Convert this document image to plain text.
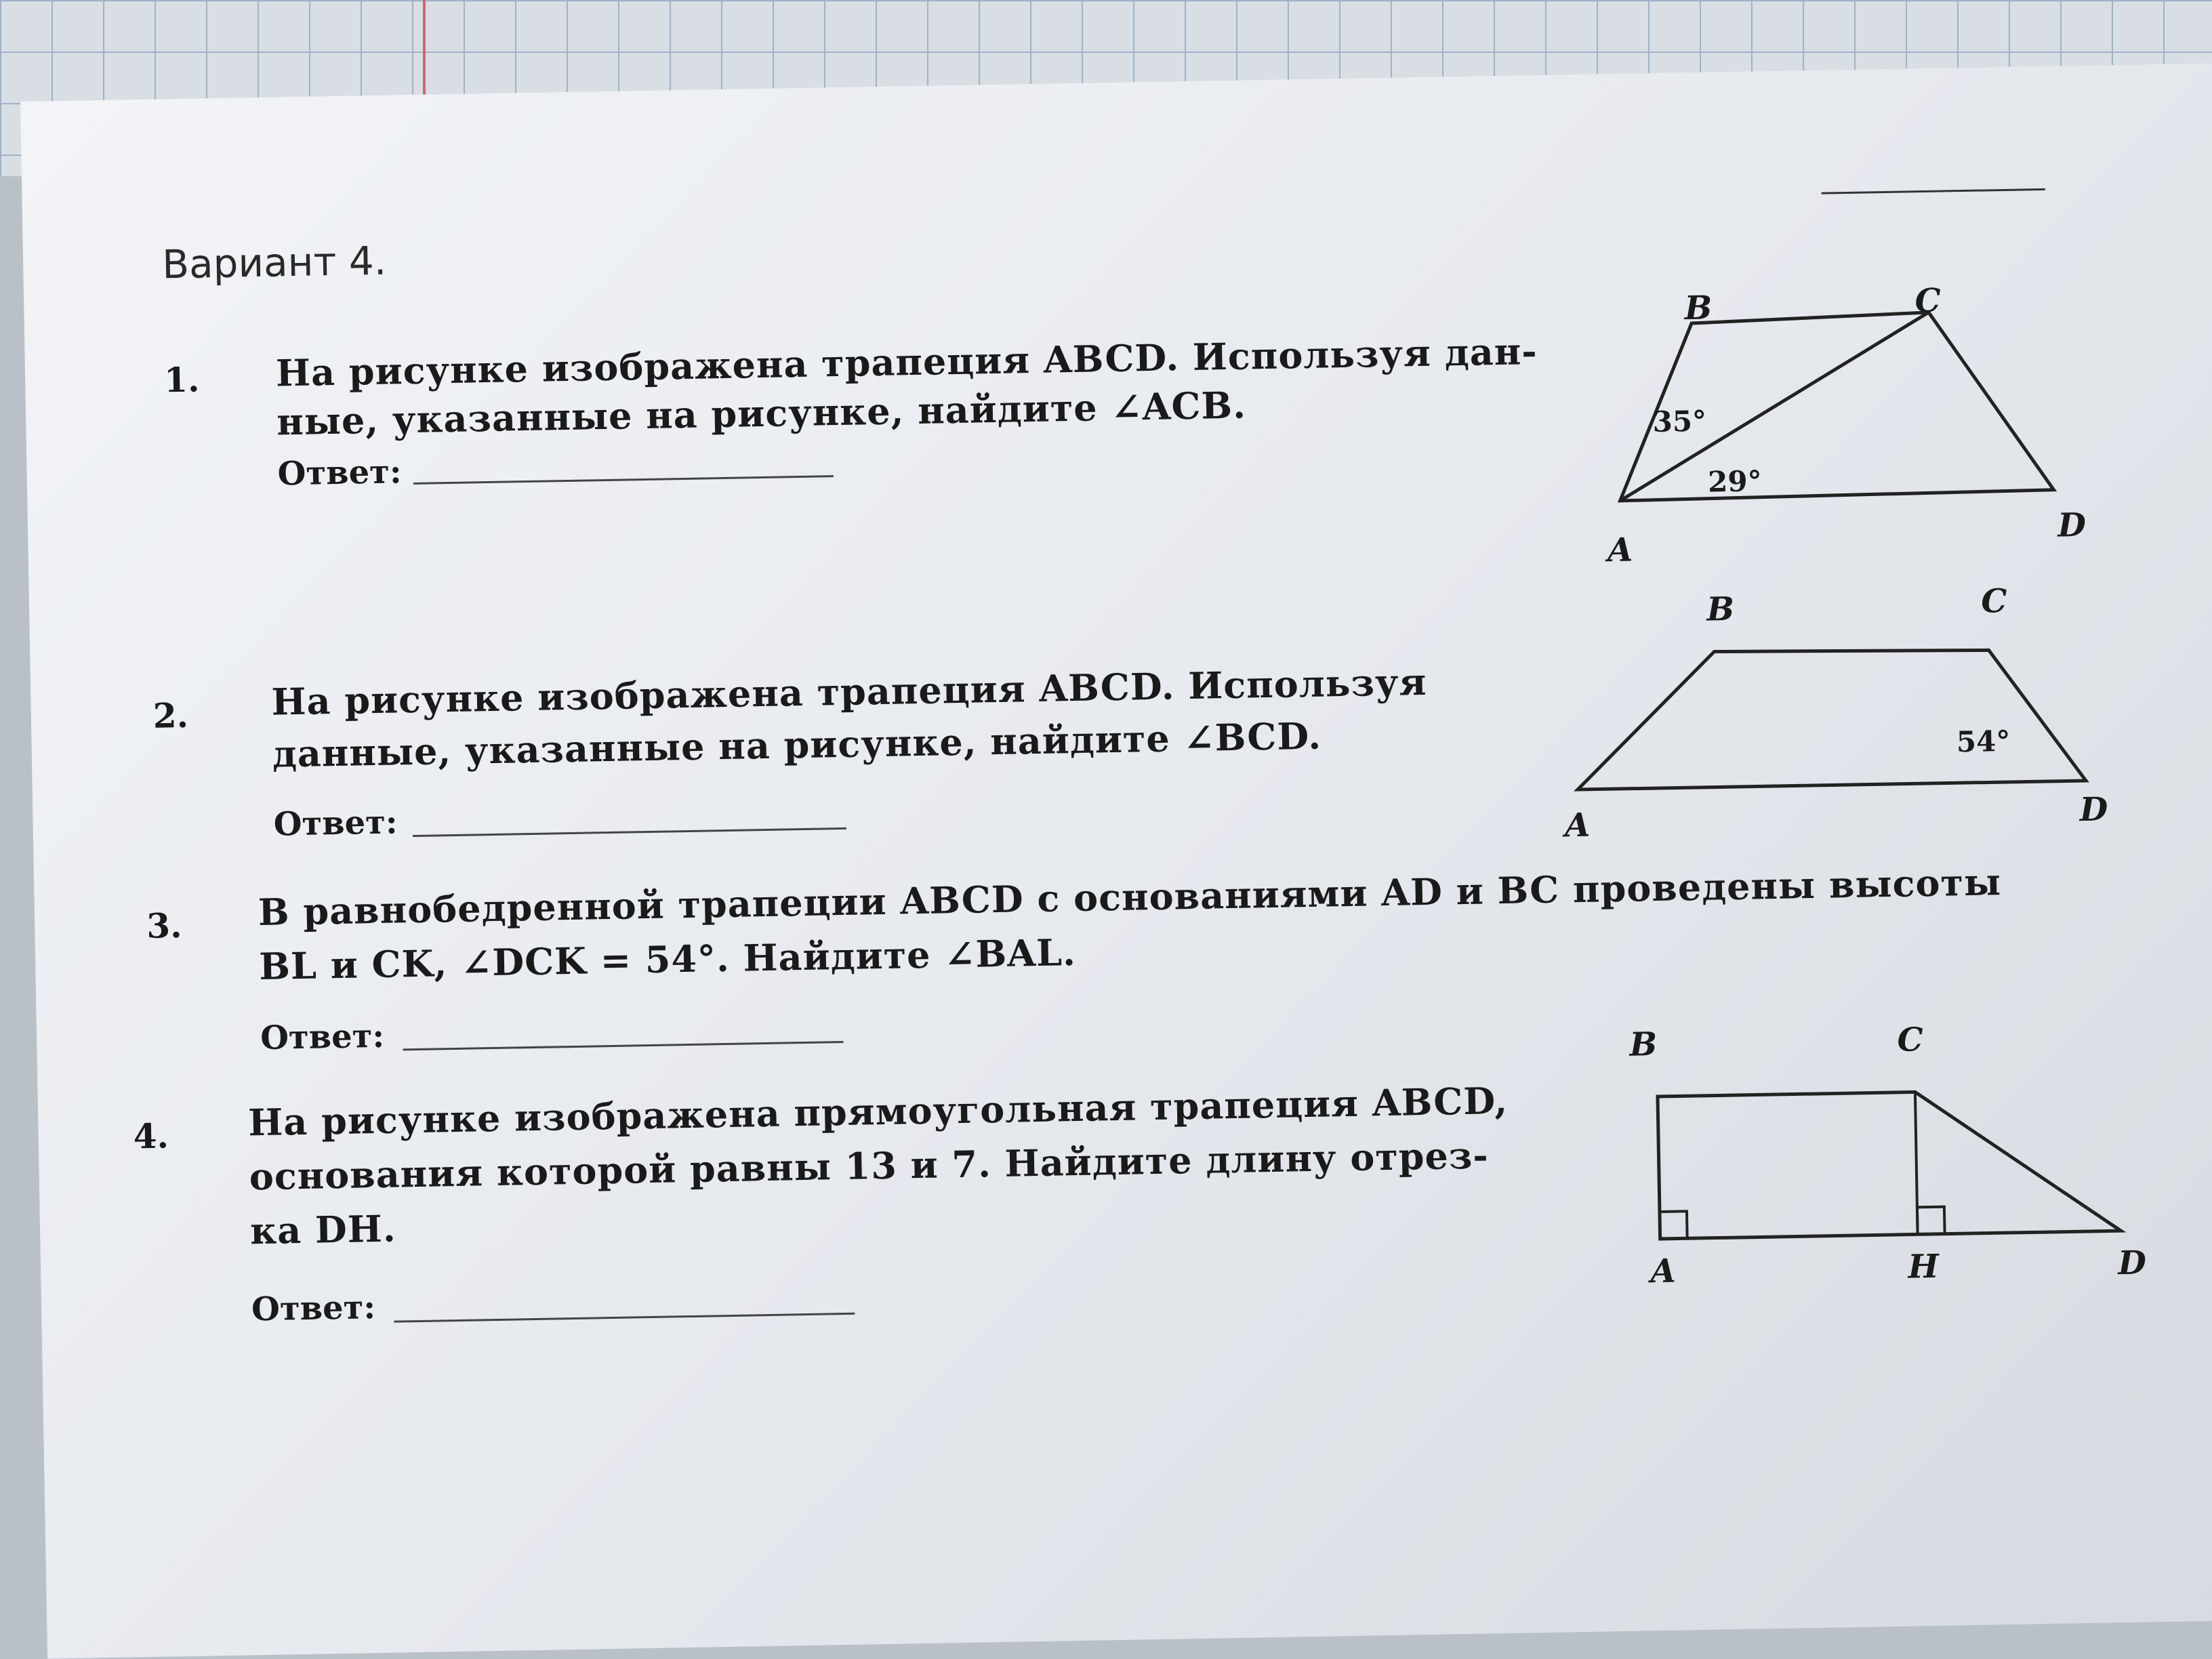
Вариант 4.
1. На рисунке изображена трапеция ABCD. Используя дан-
ные, указанные на рисунке, найдите ∠ACB.
Ответ:
B	C
A
D
35°
29°
2. На рисунке изображена трапеция ABCD. Используя
данные, указанные на рисунке, найдите ∠BCD.
Ответ:
B	C
A	D
54°
3. В равнобедренной трапеции ABCD с основаниями AD и BC проведены высоты
BL и CK, ∠DCK = 54°. Найдите ∠BAL.
Ответ:
4. На рисунке изображена прямоугольная трапеция ABCD,
основания которой равны 13 и 7. Найдите длину отрез-
ка DH.
Ответ:
B	C
A	H	D
